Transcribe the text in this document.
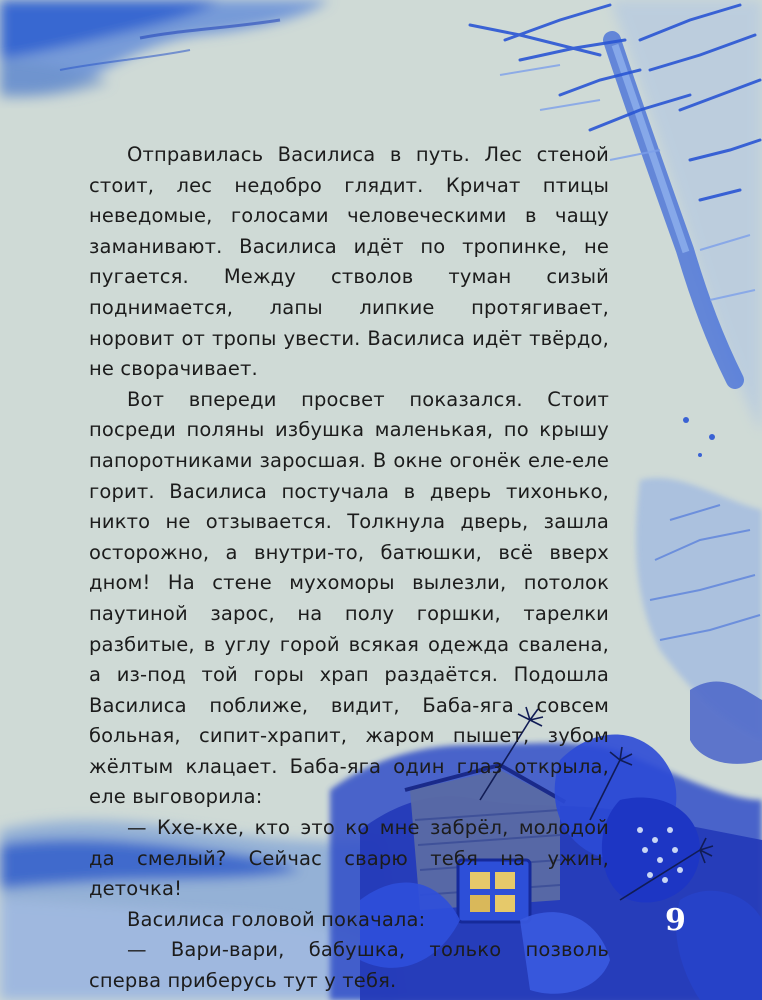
Отправилась Василиса в путь. Лес стеной стоит, лес недобро глядит. Кричат птицы неведомые, голосами человеческими в чащу заманивают. Василиса идёт по тропинке, не пугается. Между стволов туман сизый поднимается, лапы липкие протягивает, норовит от тропы увести. Василиса идёт твёрдо, не сворачивает.

Вот впереди просвет показался. Стоит посреди поляны избушка маленькая, по крышу папоротниками заросшая. В окне огонёк еле-еле горит. Василиса постучала в дверь тихонько, никто не отзывается. Толкнула дверь, зашла осторожно, а внутри-то, батюшки, всё вверх дном! На стене мухоморы вылезли, потолок паутиной зарос, на полу горшки, тарелки разбитые, в углу горой всякая одежда свалена, а из-под той горы храп раздаётся. Подошла Василиса поближе, видит, Баба-яга совсем больная, сипит-храпит, жаром пышет, зубом жёлтым клацает. Баба-яга один глаз открыла, еле выговорила:

— Кхе-кхе, кто это ко мне забрёл, молодой да смелый? Сейчас сварю тебя на ужин, деточка!

Василиса головой покачала:

— Вари-вари, бабушка, только позволь сперва приберусь тут у тебя.

9
